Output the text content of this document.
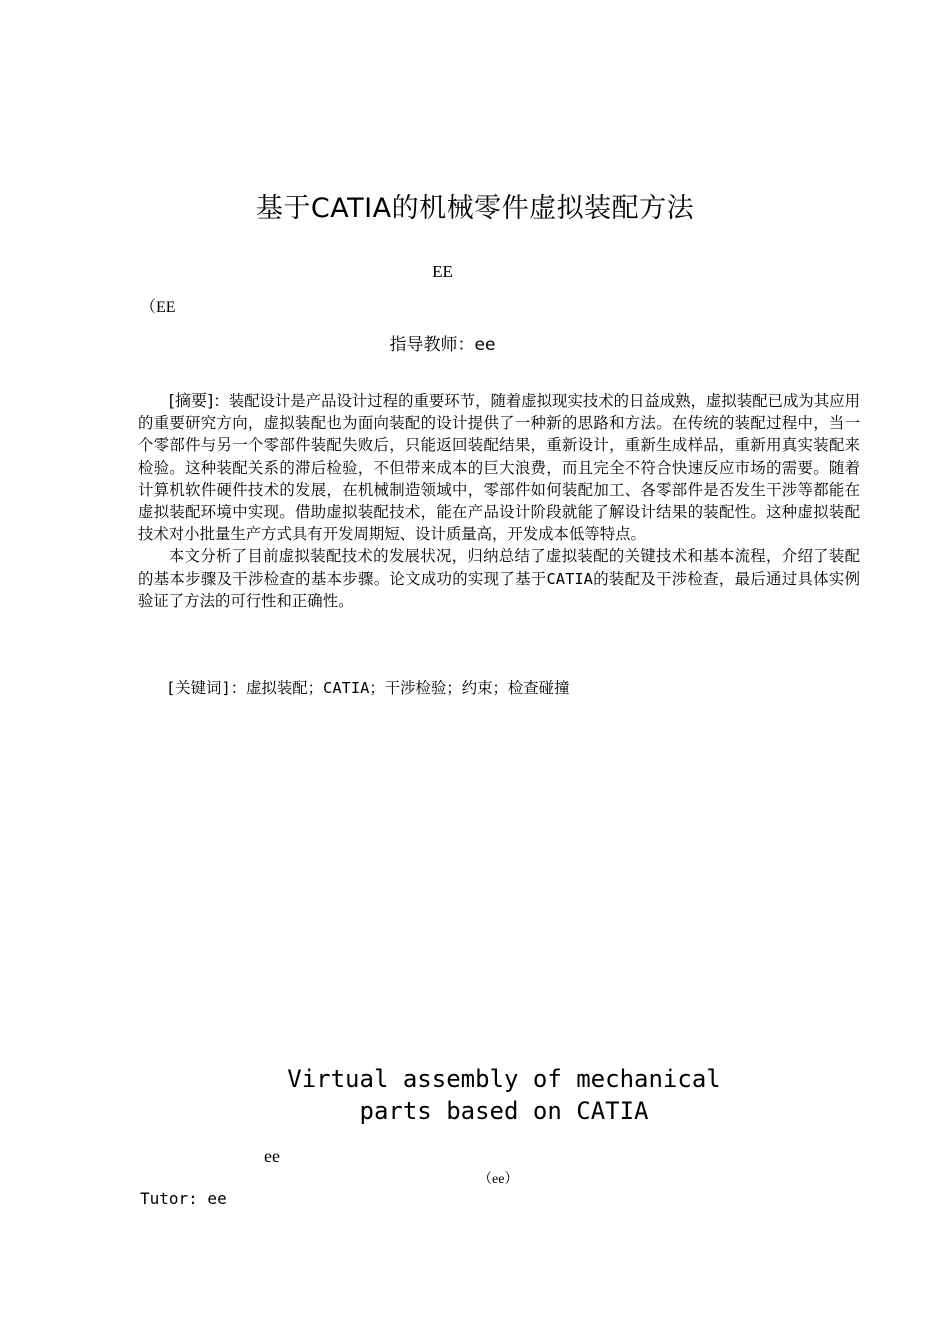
基于CATIA的机械零件虚拟装配方法
EE
（EE
指导教师：ee

[摘要]：装配设计是产品设计过程的重要环节，随着虚拟现实技术的日益成熟，虚拟装配已成为其应用的重要研究方向，虚拟装配也为面向装配的设计提供了一种新的思路和方法。在传统的装配过程中，当一个零部件与另一个零部件装配失败后，只能返回装配结果，重新设计，重新生成样品，重新用真实装配来检验。这种装配关系的滞后检验，不但带来成本的巨大浪费，而且完全不符合快速反应市场的需要。随着计算机软件硬件技术的发展，在机械制造领域中，零部件如何装配加工、各零部件是否发生干涉等都能在虚拟装配环境中实现。借助虚拟装配技术，能在产品设计阶段就能了解设计结果的装配性。这种虚拟装配技术对小批量生产方式具有开发周期短、设计质量高，开发成本低等特点。

本文分析了目前虚拟装配技术的发展状况，归纳总结了虚拟装配的关键技术和基本流程，介绍了装配的基本步骤及干涉检查的基本步骤。论文成功的实现了基于CATIA的装配及干涉检查，最后通过具体实例验证了方法的可行性和正确性。

[关键词]：虚拟装配；CATIA；干涉检验；约束；检查碰撞
Virtual assembly of mechanical
parts based on CATIA
ee
（ee）
Tutor: ee
